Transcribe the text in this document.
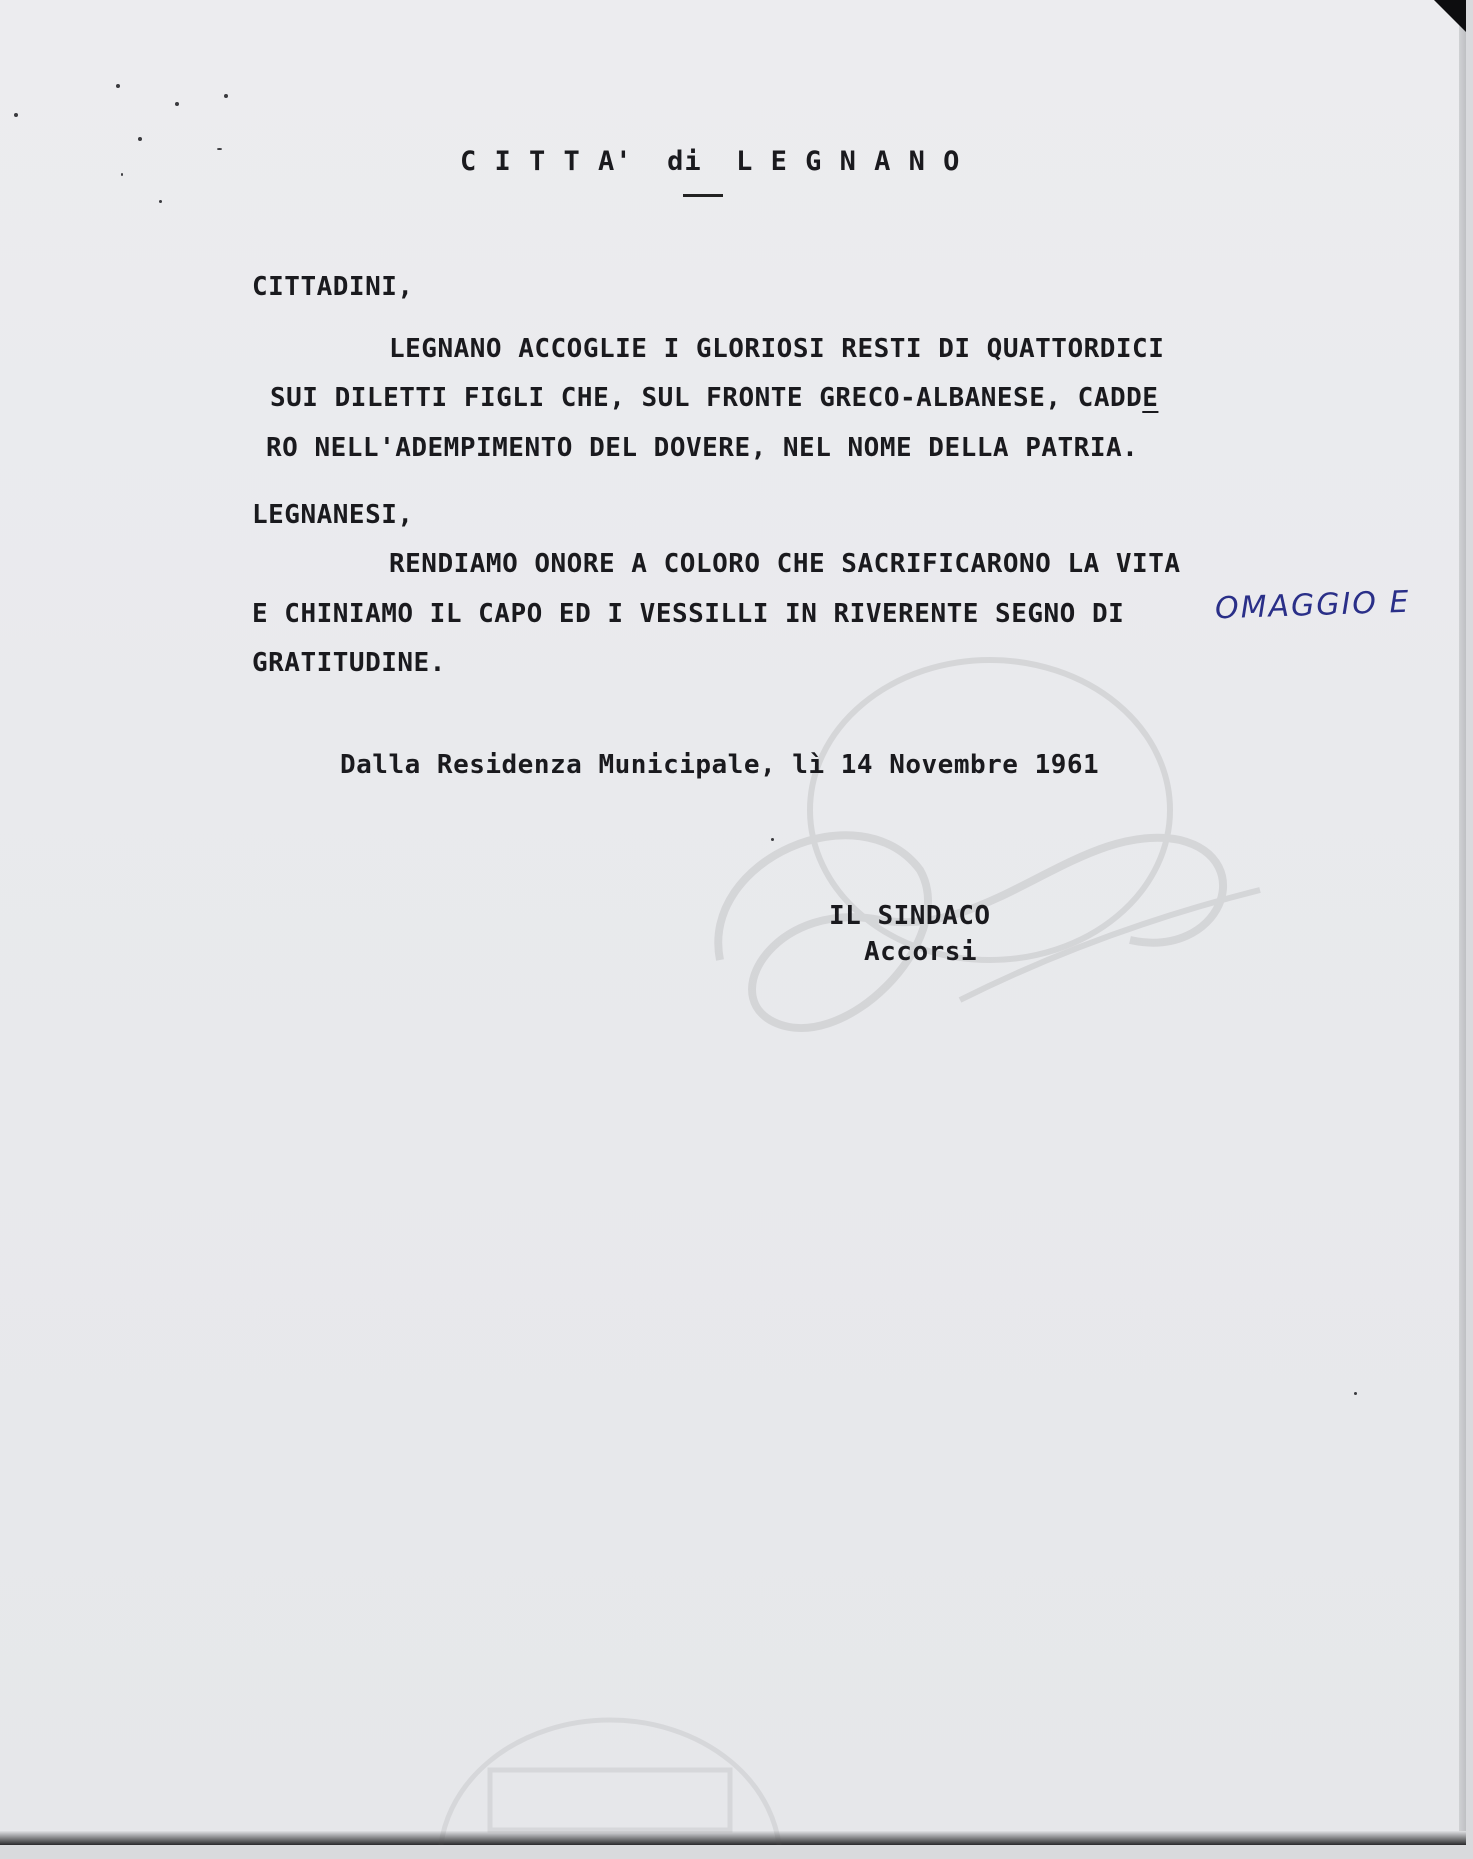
C I T T A'  di  L E G N A N O
CITTADINI,
LEGNANO ACCOGLIE I GLORIOSI RESTI DI QUATTORDICI
SUI DILETTI FIGLI CHE, SUL FRONTE GRECO-ALBANESE, CADDE
RO NELL'ADEMPIMENTO DEL DOVERE, NEL NOME DELLA PATRIA.
LEGNANESI,
RENDIAMO ONORE A COLORO CHE SACRIFICARONO LA VITA
E CHINIAMO IL CAPO ED I VESSILLI IN RIVERENTE SEGNO DI
GRATITUDINE.
OMAGGIO E
Dalla Residenza Municipale, lì 14 Novembre 1961
IL SINDACO
Accorsi
